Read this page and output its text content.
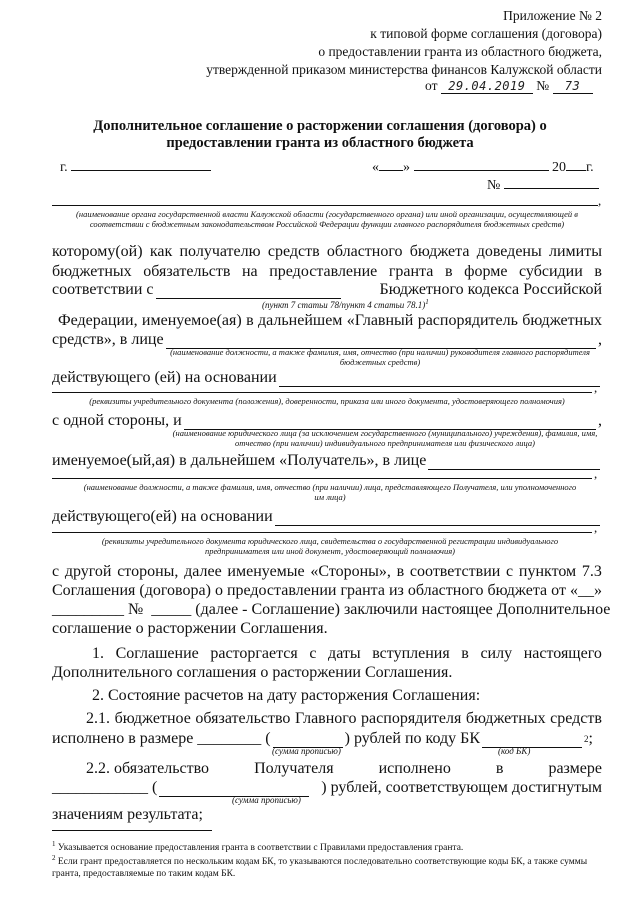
Приложение № 2
к типовой форме соглашения (договора)
о предоставлении гранта из областного бюджета,
утвержденной приказом министерства финансов Калужской области
от 29.04.2019 № 73
Дополнительное соглашение о расторжении соглашения (договора) о
предоставлении гранта из областного бюджета
г.	« »	20 г.
№
,
(наименование органа государственной власти Калужской области (государственного органа) или иной организации, осуществляющей в соответствии с бюджетным законодательством Российской Федерации функции главного распорядителя бюджетных средств)
которому(ой) как получателю средств областного бюджета доведены лимиты
бюджетных обязательств на предоставление гранта в форме субсидии в
соответствии с	Бюджетного кодекса Российской
(пункт 7 статьи 78/пункт 4 статьи 78.1)$^1$
Федерации, именуемое(ая) в дальнейшем «Главный распорядитель бюджетных
средств», в лице	,
(наименование должности, а также фамилия, имя, отчество (при наличии) руководителя главного распорядителя бюджетных средств)
действующего (ей) на основании
,
(реквизиты учредительного документа (положения), доверенности, приказа или иного документа, удостоверяющего полномочия)
с одной стороны, и	,
(наименование юридического лица (за исключением государственного (муниципального) учреждения), фамилия, имя, отчество (при наличии) индивидуального предпринимателя или физического лица)
именуемое(ый,ая) в дальнейшем «Получатель», в лице
,
(наименование должности, а также фамилия, имя, отчество (при наличии) лица, представляющего Получателя, или уполномоченного им лица)
действующего(ей) на основании
,
(реквизиты учредительного документа юридического лица, свидетельства о государственной регистрации индивидуального предпринимателя или иной документ, удостоверяющий полномочия)
с другой стороны, далее именуемые «Стороны», в соответствии с пунктом 7.3
Соглашения (договора) о предоставлении гранта из областного бюджета от «__»
_________ № _____ (далее - Соглашение) заключили настоящее Дополнительное
соглашение о расторжении Соглашения.
1. Соглашение расторгается с даты вступления в силу настоящего
Дополнительного соглашения о расторжении Соглашения.
2. Состояние расчетов на дату расторжения Соглашения:
2.1. бюджетное обязательство Главного распорядителя бюджетных средств
исполнено в размере ________ (	) рублей по коду БК	2 ;
(сумма прописью)	(код БК)
2.2. обязательство	Получателя	исполнено	в	размере
____________ (	) рублей, соответствующем достигнутым
(сумма прописью)
значениям результата;
$^1$ Указывается основание предоставления гранта в соответствии с Правилами предоставления гранта.
$^2$ Если грант предоставляется по нескольким кодам БК, то указываются последовательно соответствующие коды БК, а также суммы гранта, предоставляемые по таким кодам БК.
